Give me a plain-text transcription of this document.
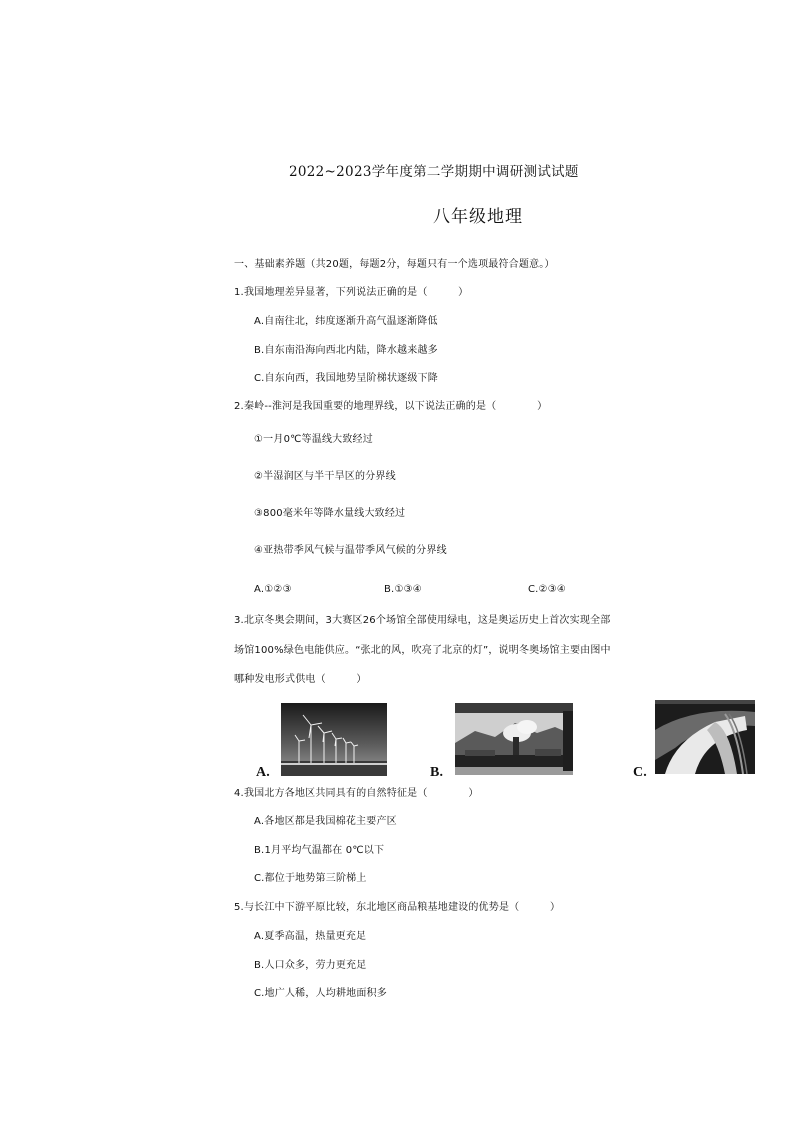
2022~2023学年度第二学期期中调研测试试题
八年级地理
一、基础素养题（共20题，每题2分，每题只有一个选项最符合题意。）
1.我国地理差异显著，下列说法正确的是（　　　）
A.自南往北，纬度逐渐升高气温逐渐降低
B.自东南沿海向西北内陆，降水越来越多
C.自东向西，我国地势呈阶梯状逐级下降
2.秦岭--淮河是我国重要的地理界线，以下说法正确的是（　　　　）
①一月0℃等温线大致经过
②半湿润区与半干旱区的分界线
③800毫米年等降水量线大致经过
④亚热带季风气候与温带季风气候的分界线
A.①②③	B.①③④	C.②③④
3.北京冬奥会期间，3大赛区26个场馆全部使用绿电，这是奥运历史上首次实现全部
场馆100%绿色电能供应。“张北的风，吹亮了北京的灯”，说明冬奥场馆主要由图中
哪种发电形式供电（　　　）
A.	B.	C.
4.我国北方各地区共同具有的自然特征是（　　　　）
A.各地区都是我国棉花主要产区
B.1月平均气温都在 0℃以下
C.都位于地势第三阶梯上
5.与长江中下游平原比较，东北地区商品粮基地建设的优势是（　　　）
A.夏季高温，热量更充足
B.人口众多，劳力更充足
C.地广人稀，人均耕地面积多
